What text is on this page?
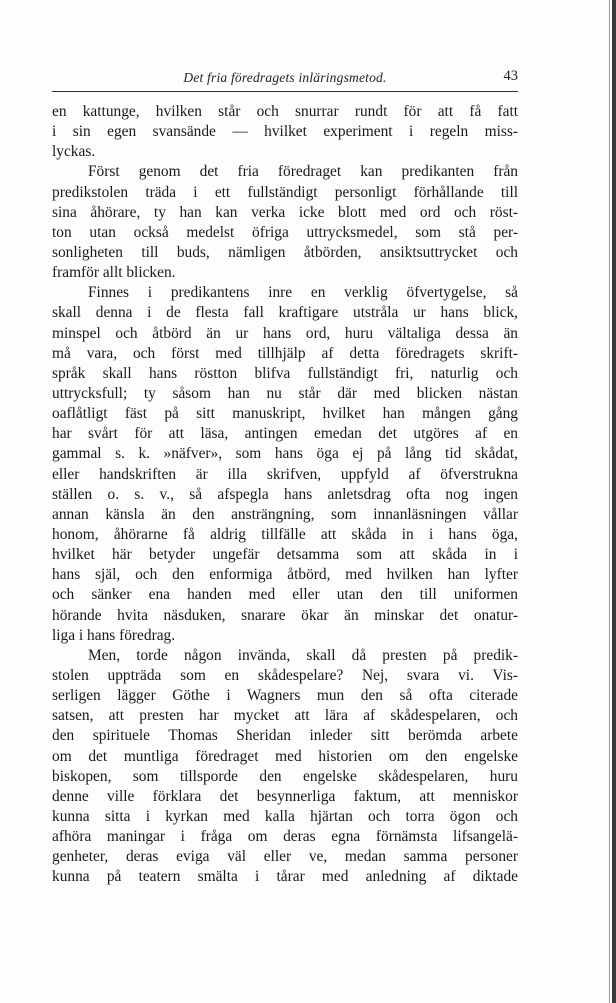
Det fria föredragets inläringsmetod.	43
en kattunge, hvilken står och snurrar rundt för att få fatt
i sin egen svansände — hvilket experiment i regeln miss-
lyckas.
Först genom det fria föredraget kan predikanten från
predikstolen träda i ett fullständigt personligt förhållande till
sina åhörare, ty han kan verka icke blott med ord och röst-
ton utan också medelst öfriga uttrycksmedel, som stå per-
sonligheten till buds, nämligen åtbörden, ansiktsuttrycket och
framför allt blicken.
Finnes i predikantens inre en verklig öfvertygelse, så
skall denna i de flesta fall kraftigare utstråla ur hans blick,
minspel och åtbörd än ur hans ord, huru vältaliga dessa än
må vara, och först med tillhjälp af detta föredragets skrift-
språk skall hans röstton blifva fullständigt fri, naturlig och
uttrycksfull; ty såsom han nu står där med blicken nästan
oaflåtligt fäst på sitt manuskript, hvilket han mången gång
har svårt för att läsa, antingen emedan det utgöres af en
gammal s. k. »näfver», som hans öga ej på lång tid skådat,
eller handskriften är illa skrifven, uppfyld af öfverstrukna
ställen o. s. v., så afspegla hans anletsdrag ofta nog ingen
annan känsla än den ansträngning, som innanläsningen vållar
honom, åhörarne få aldrig tillfälle att skåda in i hans öga,
hvilket här betyder ungefär detsamma som att skåda in i
hans själ, och den enformiga åtbörd, med hvilken han lyfter
och sänker ena handen med eller utan den till uniformen
hörande hvita näsduken, snarare ökar än minskar det onatur-
liga i hans föredrag.
Men, torde någon invända, skall då presten på predik-
stolen uppträda som en skådespelare? Nej, svara vi. Vis-
serligen lägger Göthe i Wagners mun den så ofta citerade
satsen, att presten har mycket att lära af skådespelaren, och
den spirituele Thomas Sheridan inleder sitt berömda arbete
om det muntliga föredraget med historien om den engelske
biskopen, som tillsporde den engelske skådespelaren, huru
denne ville förklara det besynnerliga faktum, att menniskor
kunna sitta i kyrkan med kalla hjärtan och torra ögon och
afhöra maningar i fråga om deras egna förnämsta lifsangelä-
genheter, deras eviga väl eller ve, medan samma personer
kunna på teatern smälta i tårar med anledning af diktade
